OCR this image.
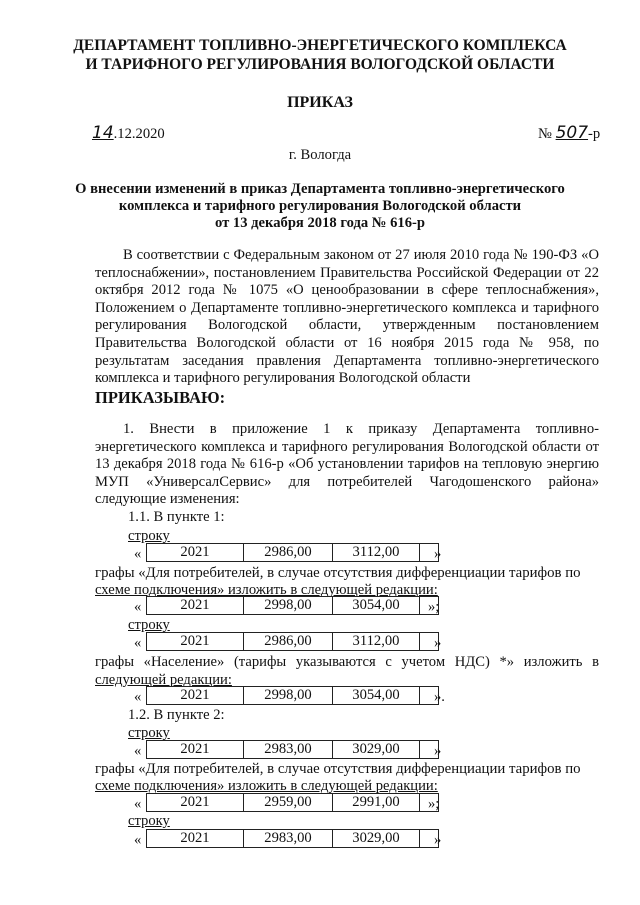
ДЕПАРТАМЕНТ ТОПЛИВНО-ЭНЕРГЕТИЧЕСКОГО КОМПЛЕКСА
И ТАРИФНОГО РЕГУЛИРОВАНИЯ ВОЛОГОДСКОЙ ОБЛАСТИ
ПРИКАЗ
14.12.2020	№ 507-р
г. Вологда
О внесении изменений в приказ Департамента топливно-энергетического
комплекса и тарифного регулирования Вологодской области
от 13 декабря 2018 года № 616-р
В соответствии с Федеральным законом от 27 июля 2010 года № 190-ФЗ «О теплоснабжении», постановлением Правительства Российской Федерации от 22 октября 2012 года № 1075 «О ценообразовании в сфере теплоснабжения», Положением о Департаменте топливно-энергетического комплекса и тарифного регулирования Вологодской области, утвержденным постановлением Правительства Вологодской области от 16 ноября 2015 года № 958, по результатам заседания правления Департамента топливно-энергетического комплекса и тарифного регулирования Вологодской области
ПРИКАЗЫВАЮ:
1. Внести в приложение 1 к приказу Департамента топливно-энергетического комплекса и тарифного регулирования Вологодской области от 13 декабря 2018 года № 616-р «Об установлении тарифов на тепловую энергию МУП «УниверсалСервис» для потребителей Чагодошенского района» следующие изменения:
1.1. В пункте 1:
строку
«	2021	2986,00	3112,00	»
графы «Для потребителей, в случае отсутствия дифференциации тарифов по
схеме подключения» изложить в следующей редакции:
«	2021	2998,00	3054,00	»;
строку
«	2021	2986,00	3112,00	»
графы «Население» (тарифы указываются с учетом НДС) *» изложить в
следующей редакции:
«	2021	2998,00	3054,00	».
1.2. В пункте 2:
строку
«	2021	2983,00	3029,00	»
графы «Для потребителей, в случае отсутствия дифференциации тарифов по
схеме подключения» изложить в следующей редакции:
«	2021	2959,00	2991,00	»;
строку
«	2021	2983,00	3029,00	»
